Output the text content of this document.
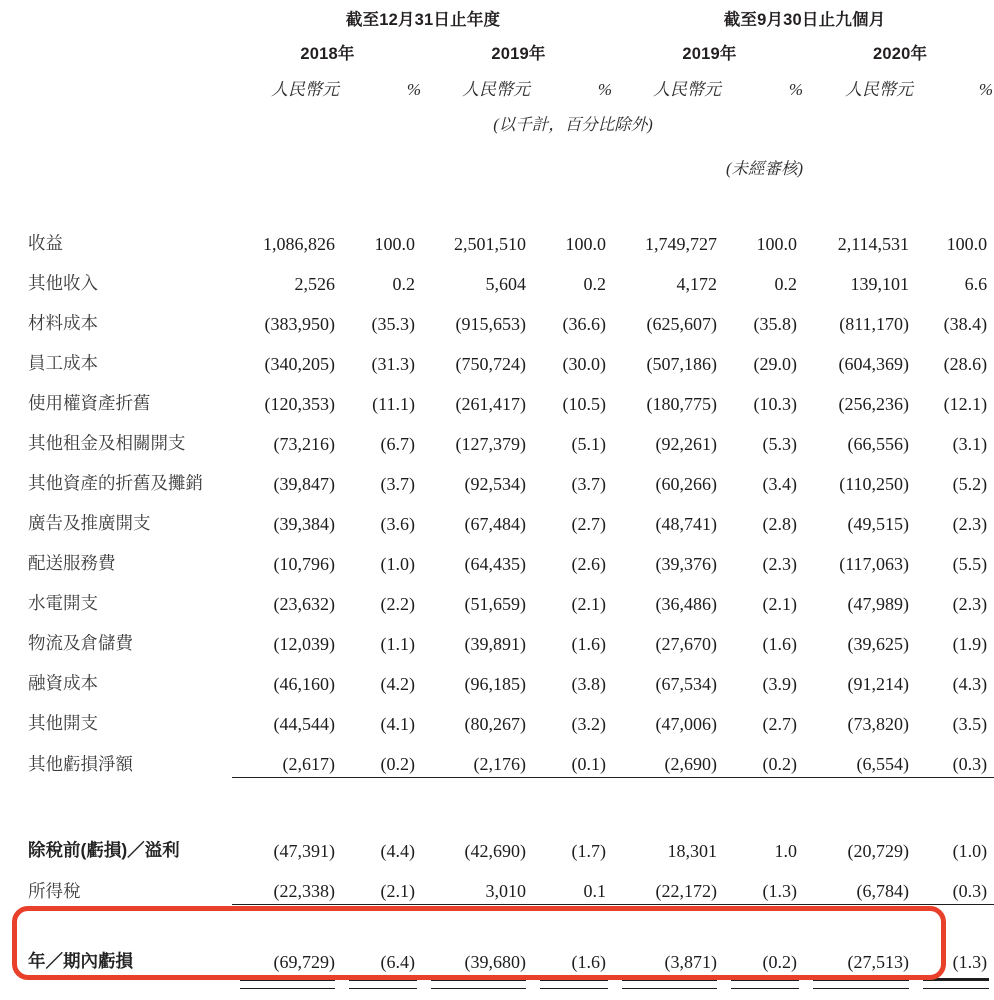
	截至12月31日止年度				截至9月30日止九個月			
	2018年		2019年		2019年		2020年	
	人民幣元	%	人民幣元	%	人民幣元	%	人民幣元	%
			(以千計，百分比除外)					
					(未經審核)			

收益	1,086,826	100.0	2,501,510	100.0	1,749,727	100.0	2,114,531	100.0
其他收入	2,526	0.2	5,604	0.2	4,172	0.2	139,101	6.6
材料成本	(383,950)	(35.3)	(915,653)	(36.6)	(625,607)	(35.8)	(811,170)	(38.4)
員工成本	(340,205)	(31.3)	(750,724)	(30.0)	(507,186)	(29.0)	(604,369)	(28.6)
使用權資產折舊	(120,353)	(11.1)	(261,417)	(10.5)	(180,775)	(10.3)	(256,236)	(12.1)
其他租金及相關開支	(73,216)	(6.7)	(127,379)	(5.1)	(92,261)	(5.3)	(66,556)	(3.1)
其他資產的折舊及攤銷	(39,847)	(3.7)	(92,534)	(3.7)	(60,266)	(3.4)	(110,250)	(5.2)
廣告及推廣開支	(39,384)	(3.6)	(67,484)	(2.7)	(48,741)	(2.8)	(49,515)	(2.3)
配送服務費	(10,796)	(1.0)	(64,435)	(2.6)	(39,376)	(2.3)	(117,063)	(5.5)
水電開支	(23,632)	(2.2)	(51,659)	(2.1)	(36,486)	(2.1)	(47,989)	(2.3)
物流及倉儲費	(12,039)	(1.1)	(39,891)	(1.6)	(27,670)	(1.6)	(39,625)	(1.9)
融資成本	(46,160)	(4.2)	(96,185)	(3.8)	(67,534)	(3.9)	(91,214)	(4.3)
其他開支	(44,544)	(4.1)	(80,267)	(3.2)	(47,006)	(2.7)	(73,820)	(3.5)
其他虧損淨額	(2,617)	(0.2)	(2,176)	(0.1)	(2,690)	(0.2)	(6,554)	(0.3)

除稅前(虧損)／溢利	(47,391)	(4.4)	(42,690)	(1.7)	18,301	1.0	(20,729)	(1.0)
所得稅	(22,338)	(2.1)	3,010	0.1	(22,172)	(1.3)	(6,784)	(0.3)

年／期內虧損	(69,729)	(6.4)	(39,680)	(1.6)	(3,871)	(0.2)	(27,513)	(1.3)
